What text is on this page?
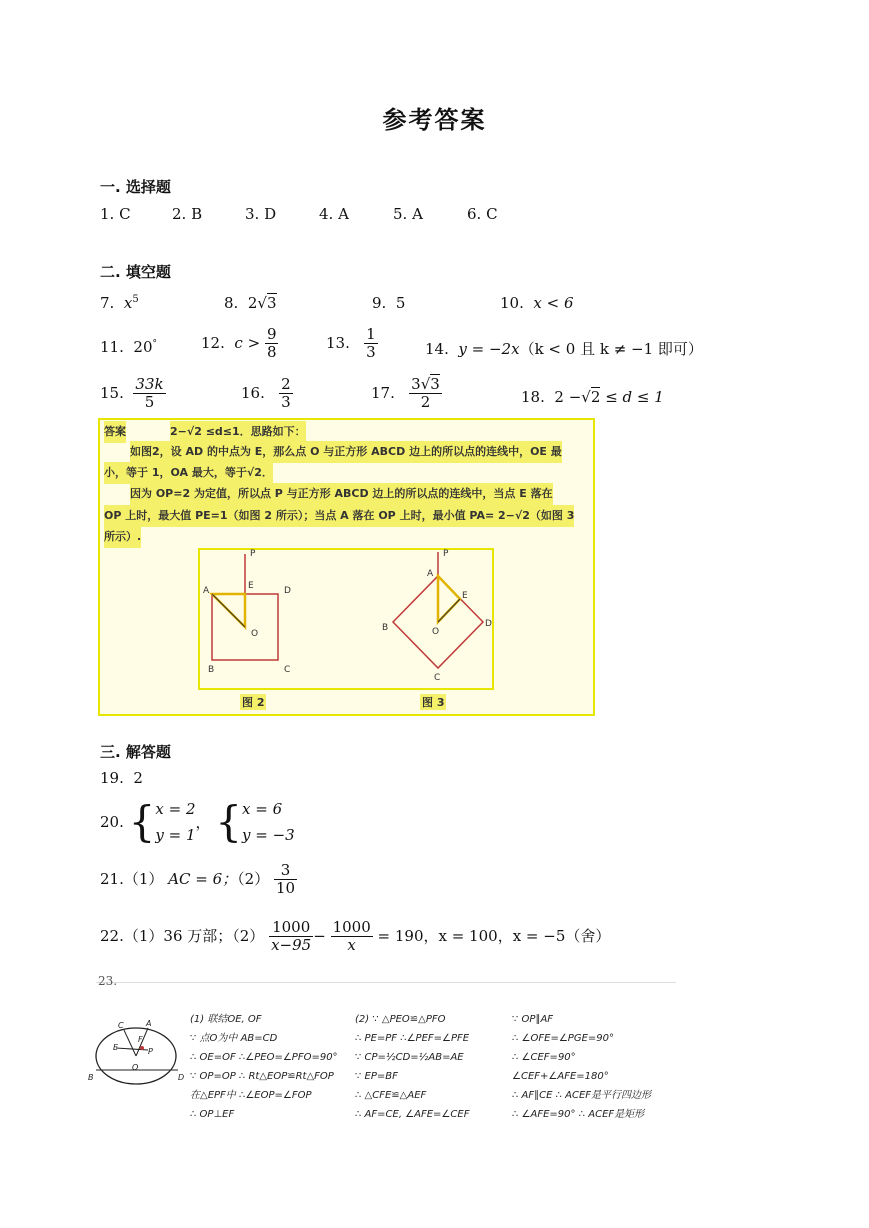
参考答案
一. 选择题
1. C	2. B	3. D	4. A	5. A	6. C
二. 填空题
7. $x^5$	8. 2√3	9. 5	10. x < 6
11. 20°	12. $c > \frac{9}{8}$	13. $\frac{1}{3}$	14. y = −2x（k < 0 且 k ≠ −1 即可）
15. $\frac{33k}{5}$	16. $\frac{2}{3}$	17. $\frac{3√3}{2}$	18. 2 −√2 ≤ d ≤ 1
答案	2−√2 ≤d≤1．思路如下：
如图2，设 AD 的中点为 E，那么点 O 与正方形 ABCD 边上的所以点的连线中，OE 最
小，等于 1，OA 最大，等于√2．
因为 OP=2 为定值，所以点 P 与正方形 ABCD 边上的所以点的连线中，当点 E 落在
OP 上时，最大值 PE=1（如图 2 所示）；当点 A 落在 OP 上时，最小值 PA= 2−√2（如图 3
所示）.
P
A	E	D
O
B	C
P
A
E
D
O
B
C
图 2	图 3
三. 解答题
19. 2
20. {x = 2
y = 1， {x = 6
y = −3
21.（1） AC = 6；$(2) \frac{3}{10}$
22.（1）36 万部；$(2) \frac{1000}{x-95} - \frac{1000}{x} = 190$，x = 100，x = −5（舍）
23.
C	A
E
F
P
O
B	D
(1) 联结OE, OF
∵ 点O为中 AB=CD
∴ OE=OF ∴∠PEO=∠PFO=90°
∵ OP=OP ∴ Rt△EOP≌Rt△FOP
在△EPF中 ∴∠EOP=∠FOP
∴ OP⊥EF
(2) ∵ △PEO≌△PFO
∴ PE=PF ∴∠PEF=∠PFE
∵ CP=½CD=½AB=AE
∵ EP=BF
∴ △CFE≌△AEF
∴ AF=CE, ∠AFE=∠CEF
∵ OP∥AF
∴ ∠OFE=∠PGE=90°
∴ ∠CEF=90°
∠CEF+∠AFE=180°
∴ AF∥CE ∴ ACEF是平行四边形
∴ ∠AFE=90° ∴ ACEF是矩形
